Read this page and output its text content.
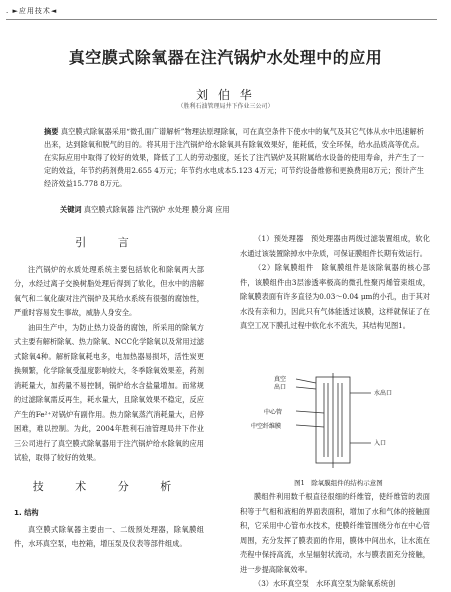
. ►应用技术◄
真空膜式除氧器在注汽锅炉水处理中的应用
刘 伯 华
（胜利石油管理局井下作业三公司）
摘要 真空膜式除氧器采用“微孔面广谱解析”物理法原理除氧，可在真空条件下使水中的氧气及其它气体从水中迅速解析出来，达到除氧和脱气的目的。将其用于注汽锅炉给水除氧具有除氧效果好，能耗低，安全环保，给水品质高等优点。在实际应用中取得了较好的效果，降低了工人的劳动强度，延长了注汽锅炉及其附属给水设备的使用寿命，并产生了一定的效益，年节约药剂费用2.655 4万元；年节约水电成本5.123 4万元；可节约设备维修和更换费用8万元；预计产生经济效益15.778 8万元。
关键词 真空膜式除氧器 注汽锅炉 水处理 膜分离 应用
引 言

注汽锅炉的水质处理系统主要包括软化和除氧两大部分，水经过离子交换树脂处理后得到了软化，但水中的溶解氧气和二氧化碳对注汽锅炉及其给水系统有很强的腐蚀性，严重时容易发生事故，威胁人身安全。

油田生产中，为防止热力设备的腐蚀，所采用的除氧方式主要有解析除氧、热力除氧、NCC化学除氧以及常用过滤式除氧4种。解析除氧耗电多，电加热器易损坏，活性炭更换频繁，化学除氧受温度影响较大，冬季除氧效果差，药剂消耗量大，加药量不易控制，锅炉给水含盐量增加。而常规的过滤除氧需反再生，耗水量大，且除氧效果不稳定，反应产生的Fe²⁺对锅炉有副作用。热力除氧蒸汽消耗量大，启停困难，难以控制。为此，2004年胜利石油管理局井下作业三公司进行了真空膜式除氧器用于注汽锅炉给水除氧的应用试验，取得了较好的效果。

技 术 分 析
1. 结构

真空膜式除氧器主要由一、二级预处理器，除氧膜组件，水环真空泵，电控箱，增压泵及仪表等部件组成。

（1）预处理器　预处理器由两级过滤装置组成，软化水通过该装置除掉水中杂质，可保证膜组件长期有效运行。

（2）除氧膜组件　除氧膜组件是该除氧器的核心部件，该膜组件由3层渗透率极高的微孔性聚丙烯管束组成，除氧膜表面有许多直径为0.03～0.04 μm的小孔，由于其对水没有亲和力，因此只有气体能透过该膜，这样就保证了在真空工况下膜孔过程中软化水不流失，其结构见图1。

真空
出口
中心管
中空纤维膜
水出口
入口
图1　除氧膜组件的结构示意图

膜组件利用数千根直径很细的纤维管，使纤维管的表面积等于气相和液相的界面表面积，增加了水和气体的接触面积，它采用中心管布水技术，使膜纤维管围绕分布在中心管周围，充分发挥了膜表面的作用，膜体中间出水，让水流在壳程中保持高流，水呈辐射状流动，水与膜表面充分接触，进一步提高除氧效率。

（3）水环真空泵　水环真空泵为除氧系统创
